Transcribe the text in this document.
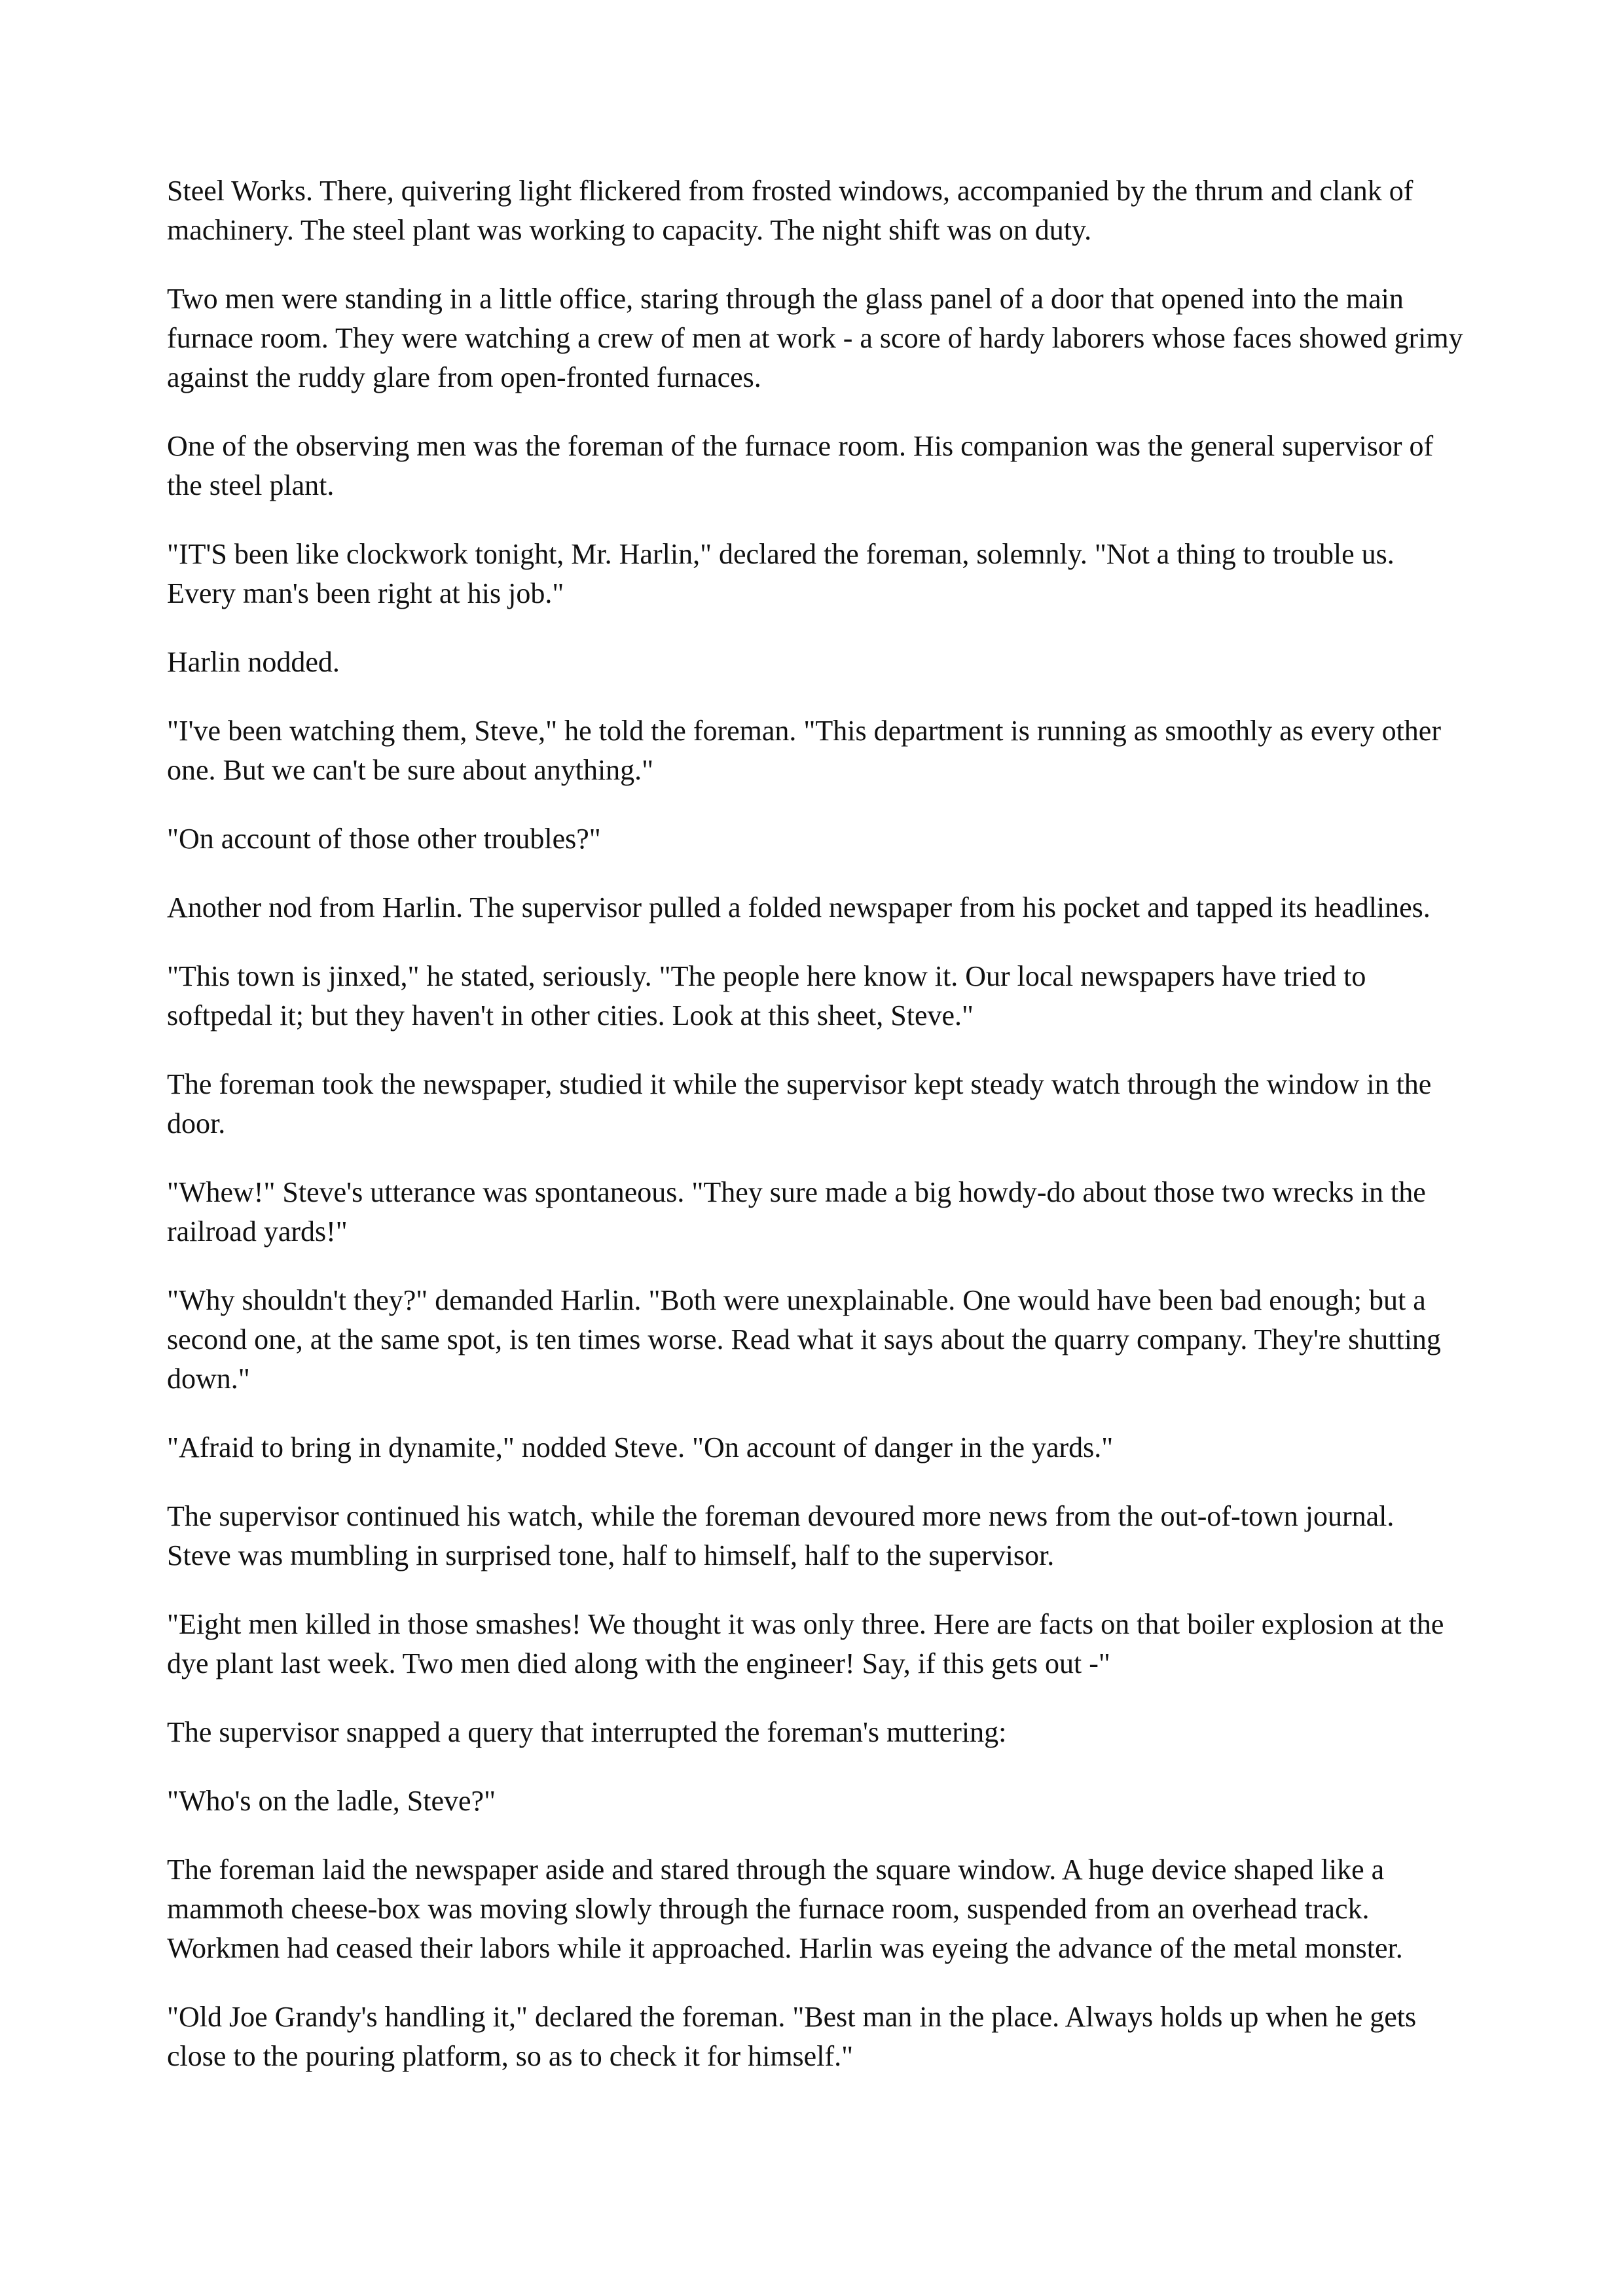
Steel Works. There, quivering light flickered from frosted windows, accompanied by the thrum and clank of machinery. The steel plant was working to capacity. The night shift was on duty.

Two men were standing in a little office, staring through the glass panel of a door that opened into the main furnace room. They were watching a crew of men at work - a score of hardy laborers whose faces showed grimy against the ruddy glare from open-fronted furnaces.

One of the observing men was the foreman of the furnace room. His companion was the general supervisor of the steel plant.

"IT'S been like clockwork tonight, Mr. Harlin," declared the foreman, solemnly. "Not a thing to trouble us. Every man's been right at his job."

Harlin nodded.

"I've been watching them, Steve," he told the foreman. "This department is running as smoothly as every other one. But we can't be sure about anything."

"On account of those other troubles?"

Another nod from Harlin. The supervisor pulled a folded newspaper from his pocket and tapped its headlines.

"This town is jinxed," he stated, seriously. "The people here know it. Our local newspapers have tried to softpedal it; but they haven't in other cities. Look at this sheet, Steve."

The foreman took the newspaper, studied it while the supervisor kept steady watch through the window in the door.

"Whew!" Steve's utterance was spontaneous. "They sure made a big howdy-do about those two wrecks in the railroad yards!"

"Why shouldn't they?" demanded Harlin. "Both were unexplainable. One would have been bad enough; but a second one, at the same spot, is ten times worse. Read what it says about the quarry company. They're shutting down."

"Afraid to bring in dynamite," nodded Steve. "On account of danger in the yards."

The supervisor continued his watch, while the foreman devoured more news from the out-of-town journal. Steve was mumbling in surprised tone, half to himself, half to the supervisor.

"Eight men killed in those smashes! We thought it was only three. Here are facts on that boiler explosion at the dye plant last week. Two men died along with the engineer! Say, if this gets out -"

The supervisor snapped a query that interrupted the foreman's muttering:

"Who's on the ladle, Steve?"

The foreman laid the newspaper aside and stared through the square window. A huge device shaped like a mammoth cheese-box was moving slowly through the furnace room, suspended from an overhead track. Workmen had ceased their labors while it approached. Harlin was eyeing the advance of the metal monster.

"Old Joe Grandy's handling it," declared the foreman. "Best man in the place. Always holds up when he gets close to the pouring platform, so as to check it for himself."
